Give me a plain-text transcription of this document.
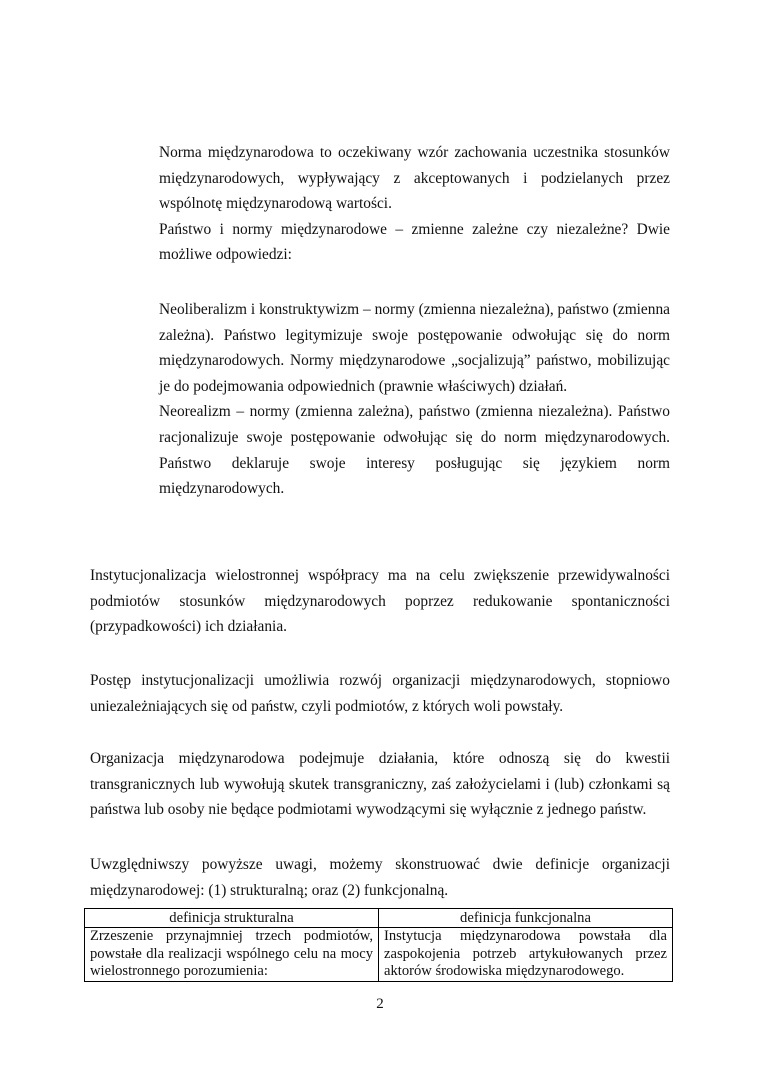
Norma międzynarodowa to oczekiwany wzór zachowania uczestnika stosunków
międzynarodowych, wypływający z akceptowanych i podzielanych przez
wspólnotę międzynarodową wartości.
Państwo i normy międzynarodowe – zmienne zależne czy niezależne? Dwie
możliwe odpowiedzi:
Neoliberalizm i konstruktywizm – normy (zmienna niezależna), państwo (zmienna
zależna). Państwo legitymizuje swoje postępowanie odwołując się do norm
międzynarodowych. Normy międzynarodowe „socjalizują” państwo, mobilizując
je do podejmowania odpowiednich (prawnie właściwych) działań.
Neorealizm – normy (zmienna zależna), państwo (zmienna niezależna). Państwo
racjonalizuje swoje postępowanie odwołując się do norm międzynarodowych.
Państwo deklaruje swoje interesy posługując się językiem norm
międzynarodowych.
Instytucjonalizacja wielostronnej współpracy ma na celu zwiększenie przewidywalności
podmiotów stosunków międzynarodowych poprzez redukowanie spontaniczności
(przypadkowości) ich działania.
Postęp instytucjonalizacji umożliwia rozwój organizacji międzynarodowych, stopniowo
uniezależniających się od państw, czyli podmiotów, z których woli powstały.
Organizacja międzynarodowa podejmuje działania, które odnoszą się do kwestii
transgranicznych lub wywołują skutek transgraniczny, zaś założycielami i (lub) członkami są
państwa lub osoby nie będące podmiotami wywodzącymi się wyłącznie z jednego państw.
Uwzględniwszy powyższe uwagi, możemy skonstruować dwie definicje organizacji
międzynarodowej: (1) strukturalną; oraz (2) funkcjonalną.
definicja strukturalna	definicja funkcjonalna
Zrzeszenie przynajmniej trzech podmiotów, powstałe dla realizacji wspólnego celu na mocy wielostronnego porozumienia:	Instytucja międzynarodowa powstała dla zaspokojenia potrzeb artykułowanych przez aktorów środowiska międzynarodowego.
2
